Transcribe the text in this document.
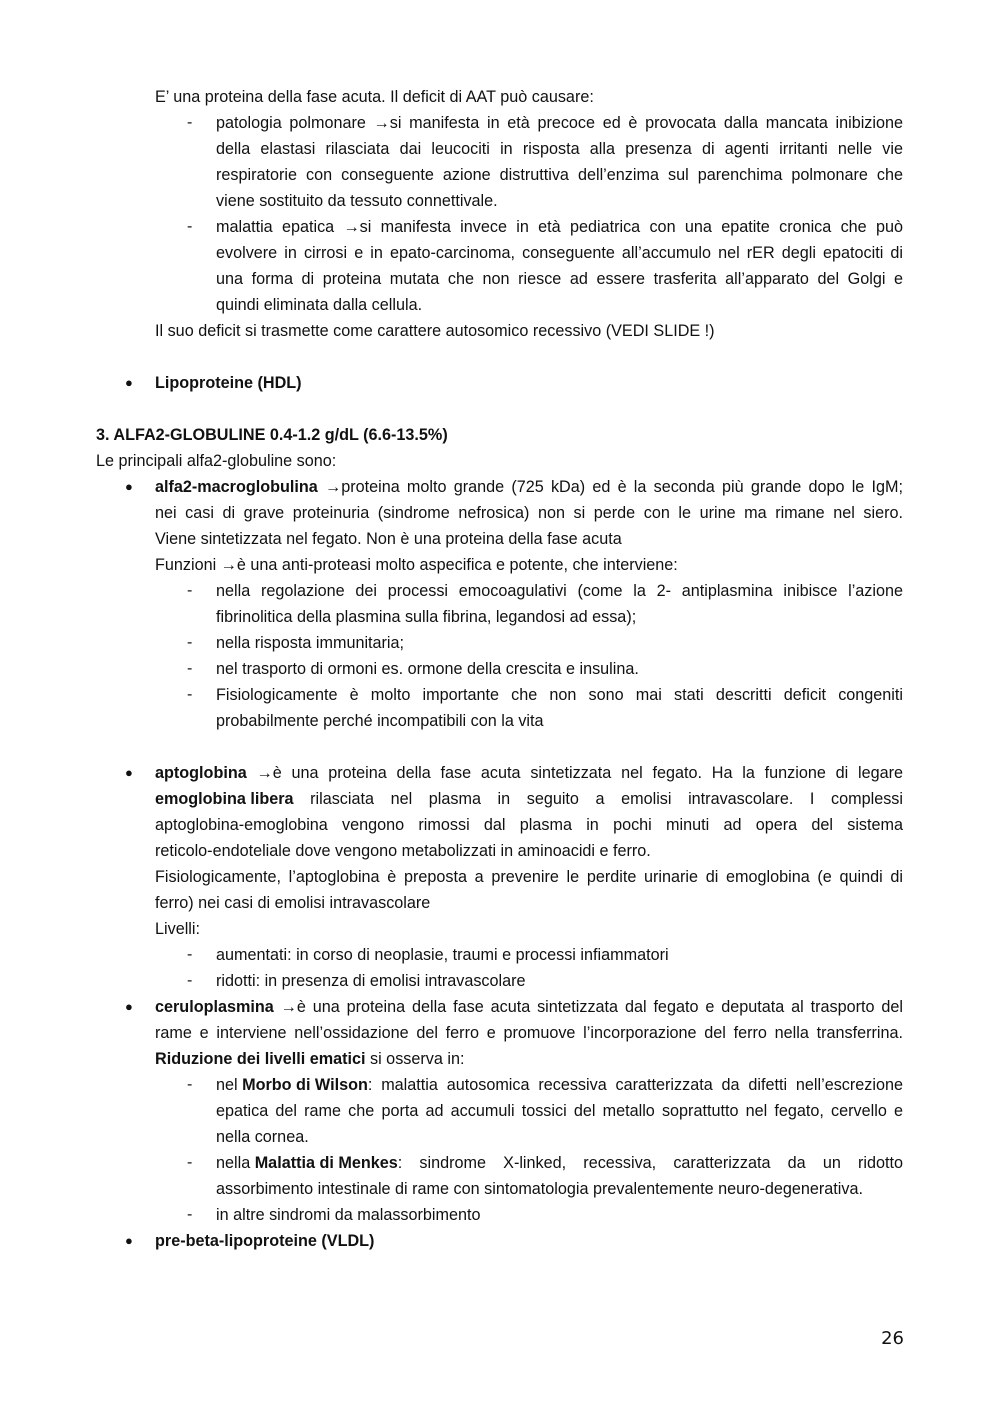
E’ una proteina della fase acuta. Il deficit di AAT può causare:
- patologia polmonare →si manifesta in età precoce ed è provocata dalla mancata inibizione
della elastasi rilasciata dai leucociti in risposta alla presenza di agenti irritanti nelle vie
respiratorie con conseguente azione distruttiva dell’enzima sul parenchima polmonare che
viene sostituito da tessuto connettivale.
- malattia epatica →si manifesta invece in età pediatrica con una epatite cronica che può
evolvere in cirrosi e in epato-carcinoma, conseguente all’accumulo nel rER degli epatociti di
una forma di proteina mutata che non riesce ad essere trasferita all’apparato del Golgi e
quindi eliminata dalla cellula.
Il suo deficit si trasmette come carattere autosomico recessivo (VEDI SLIDE !)
● Lipoproteine (HDL)
3. ALFA2-GLOBULINE 0.4-1.2 g/dL (6.6-13.5%)
Le principali alfa2-globuline sono:
● alfa2-macroglobulina →proteina molto grande (725 kDa) ed è la seconda più grande dopo le IgM;
nei casi di grave proteinuria (sindrome nefrosica) non si perde con le urine ma rimane nel siero.
Viene sintetizzata nel fegato. Non è una proteina della fase acuta
Funzioni →è una anti-proteasi molto aspecifica e potente, che interviene:
- nella regolazione dei processi emocoagulativi (come la 2- antiplasmina inibisce l’azione
fibrinolitica della plasmina sulla fibrina, legandosi ad essa);
- nella risposta immunitaria;
- nel trasporto di ormoni es. ormone della crescita e insulina.
- Fisiologicamente è molto importante che non sono mai stati descritti deficit congeniti
probabilmente perché incompatibili con la vita
● aptoglobina →è una proteina della fase acuta sintetizzata nel fegato. Ha la funzione di legare
emoglobina libera rilasciata nel plasma in seguito a emolisi intravascolare. I complessi
aptoglobina-emoglobina vengono rimossi dal plasma in pochi minuti ad opera del sistema
reticolo-endoteliale dove vengono metabolizzati in aminoacidi e ferro.
Fisiologicamente, l’aptoglobina è preposta a prevenire le perdite urinarie di emoglobina (e quindi di
ferro) nei casi di emolisi intravascolare
Livelli:
- aumentati: in corso di neoplasie, traumi e processi infiammatori
- ridotti: in presenza di emolisi intravascolare
● ceruloplasmina →è una proteina della fase acuta sintetizzata dal fegato e deputata al trasporto del
rame e interviene nell’ossidazione del ferro e promuove l’incorporazione del ferro nella transferrina.
Riduzione dei livelli ematici si osserva in:
- nel Morbo di Wilson : malattia autosomica recessiva caratterizzata da difetti nell’escrezione
epatica del rame che porta ad accumuli tossici del metallo soprattutto nel fegato, cervello e
nella cornea.
- nella Malattia di Menkes : sindrome X-linked, recessiva, caratterizzata da un ridotto
assorbimento intestinale di rame con sintomatologia prevalentemente neuro-degenerativa.
- in altre sindromi da malassorbimento
● pre-beta-lipoproteine (VLDL)
26
